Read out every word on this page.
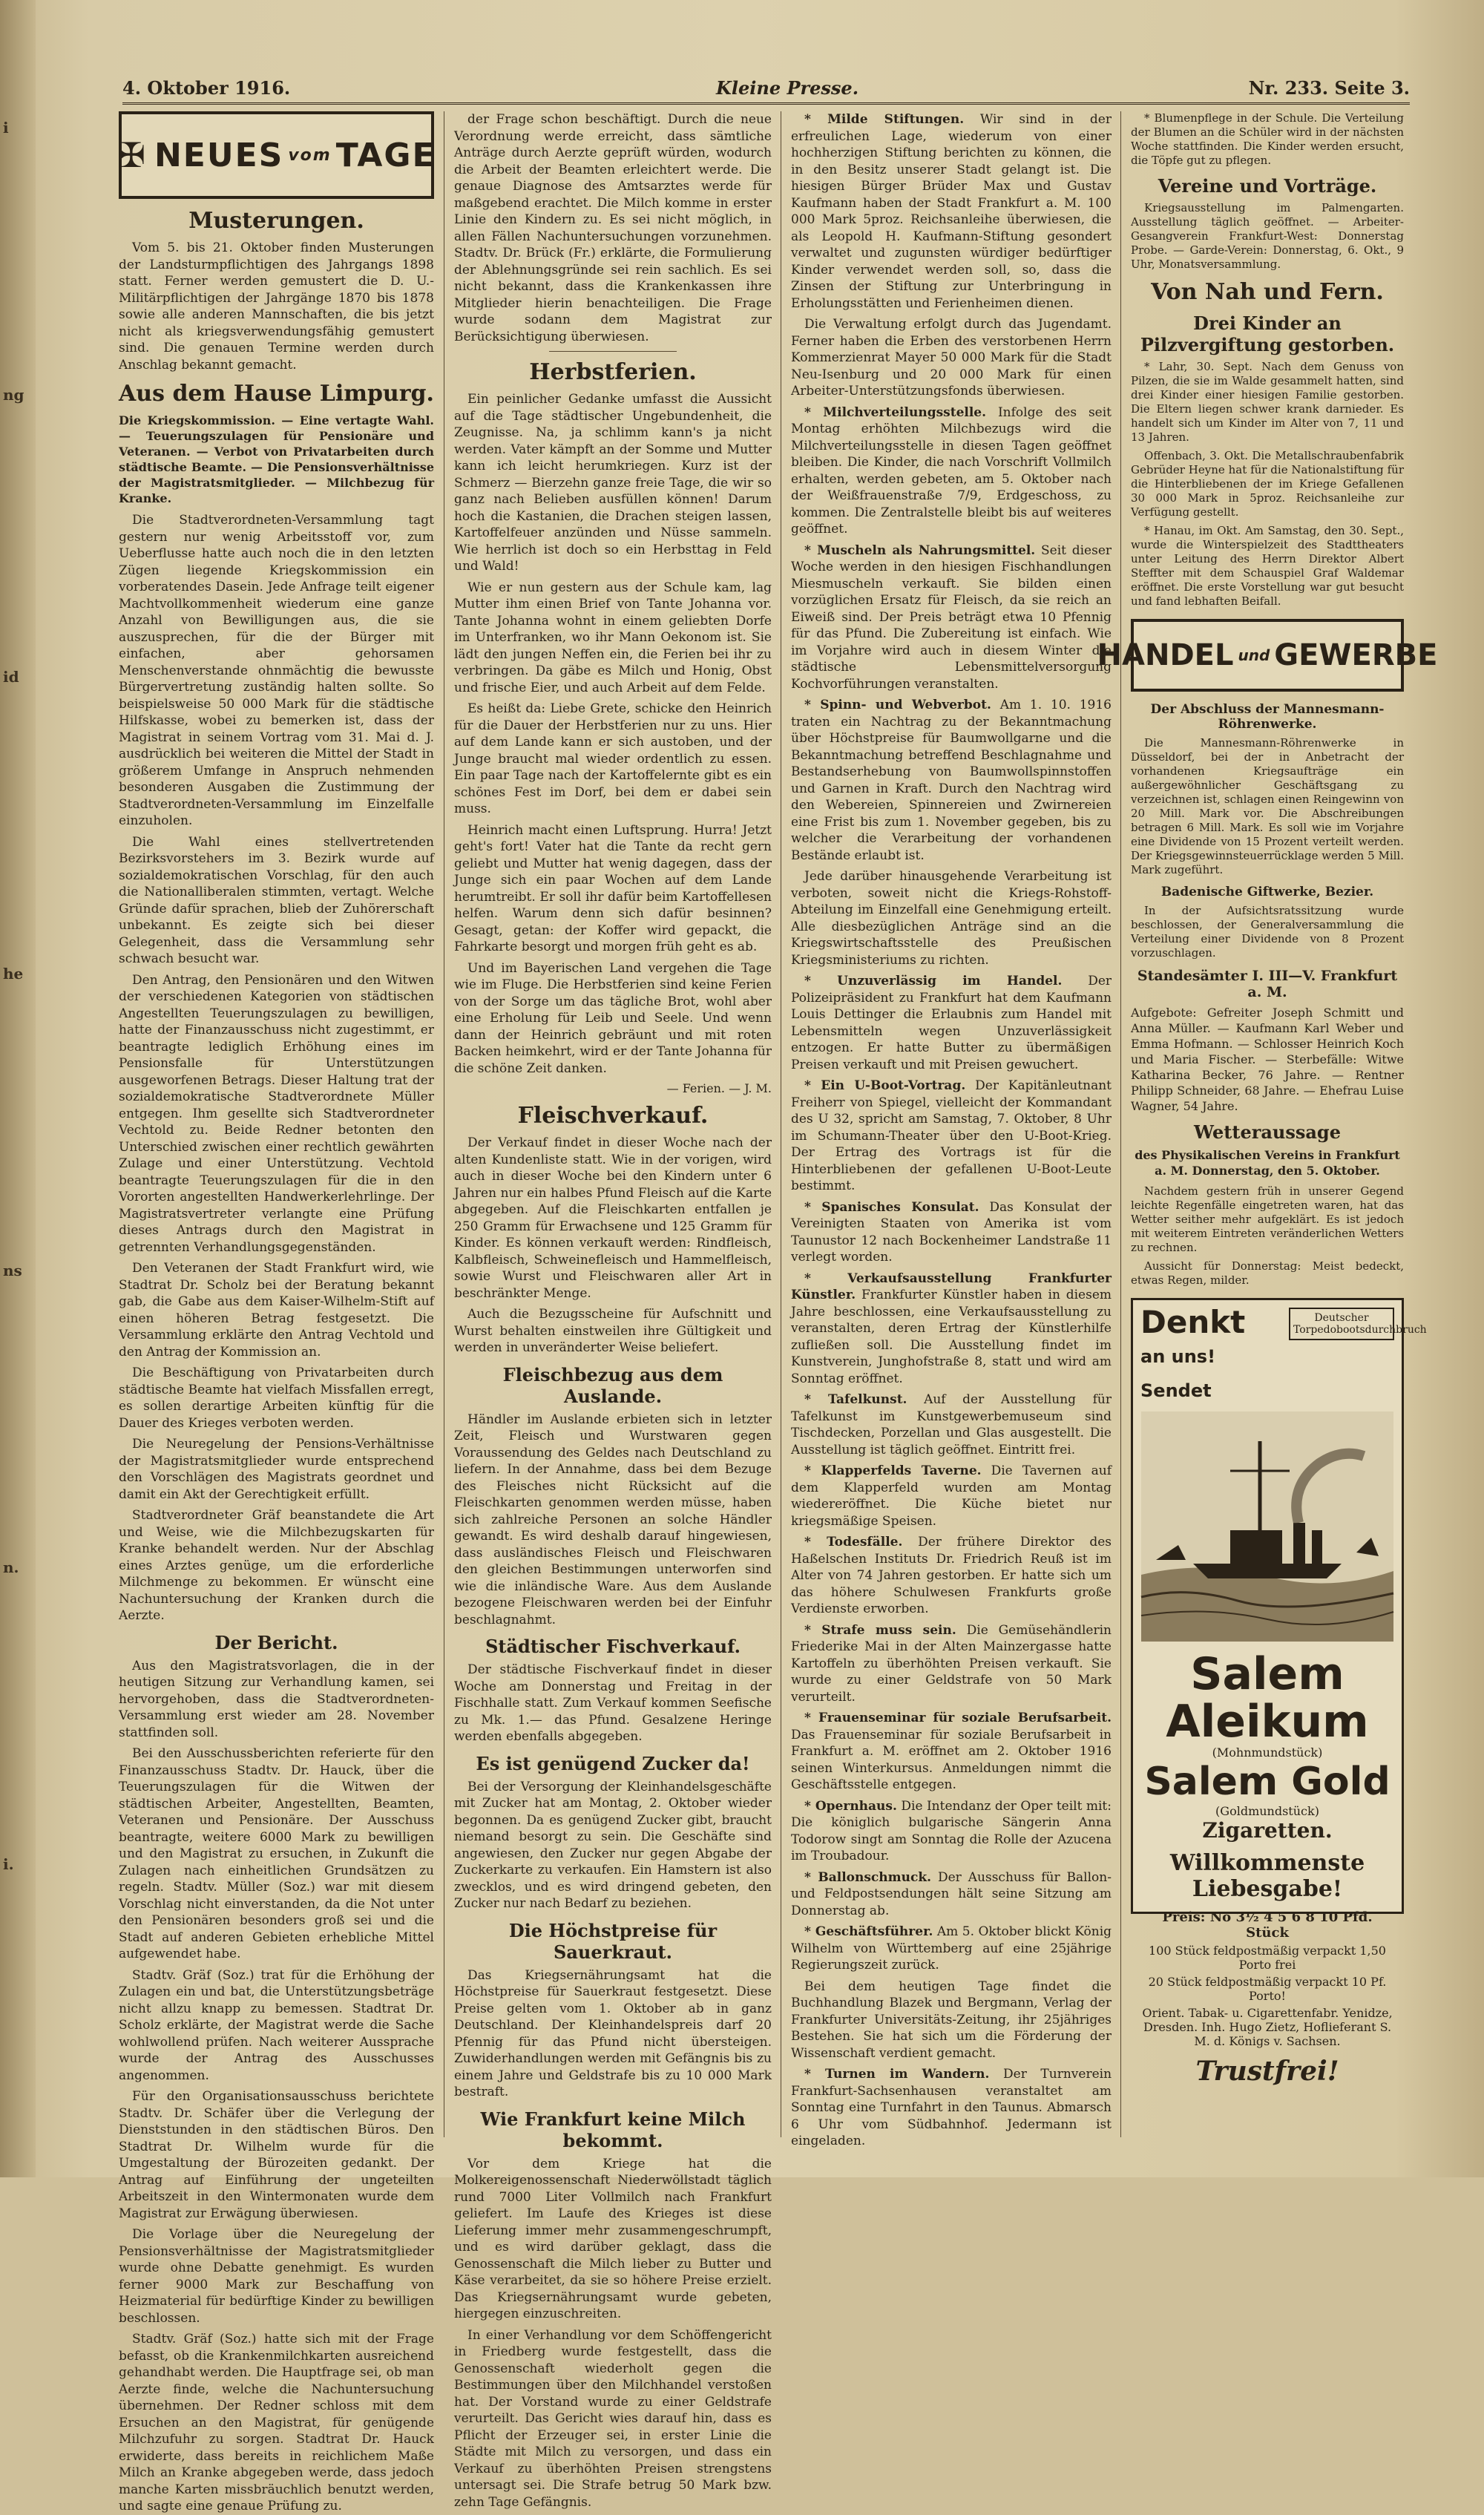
i
ng
id
he
ns
n.
i.
4. Oktober 1916.	Kleine Presse.	Nr. 233. Seite 3.
✠ NEUES vom TAGE
Musterungen.

Vom 5. bis 21. Oktober finden Musterungen der Landsturmpflichtigen des Jahrgangs 1898 statt. Ferner werden gemustert die D. U.-Militärpflichtigen der Jahrgänge 1870 bis 1878 sowie alle anderen Mannschaften, die bis jetzt nicht als kriegsverwendungsfähig gemustert sind. Die genauen Termine werden durch Anschlag bekannt gemacht.

Aus dem Hause Limpurg.
Die Kriegskommission. — Eine vertagte Wahl. — Teuerungszulagen für Pensionäre und Veteranen. — Verbot von Privatarbeiten durch städtische Beamte. — Die Pensionsverhältnisse der Magistratsmitglieder. — Milchbezug für Kranke.

Die Stadtverordneten-Versammlung tagt gestern nur wenig Arbeitsstoff vor, zum Ueberflusse hatte auch noch die in den letzten Zügen liegende Kriegskommission ein vorberatendes Dasein. Jede Anfrage teilt eigener Machtvollkommenheit wiederum eine ganze Anzahl von Bewilligungen aus, die sie auszusprechen, für die der Bürger mit einfachen, aber gehorsamen Menschenverstande ohnmächtig die bewusste Bürgervertretung zuständig halten sollte. So beispielsweise 50 000 Mark für die städtische Hilfskasse, wobei zu bemerken ist, dass der Magistrat in seinem Vortrag vom 31. Mai d. J. ausdrücklich bei weiteren die Mittel der Stadt in größerem Umfange in Anspruch nehmenden besonderen Ausgaben die Zustimmung der Stadtverordneten-Versammlung im Einzelfalle einzuholen.

Die Wahl eines stellvertretenden Bezirksvorstehers im 3. Bezirk wurde auf sozialdemokratischen Vorschlag, für den auch die Nationalliberalen stimmten, vertagt. Welche Gründe dafür sprachen, blieb der Zuhörerschaft unbekannt. Es zeigte sich bei dieser Gelegenheit, dass die Versammlung sehr schwach besucht war.

Den Antrag, den Pensionären und den Witwen der verschiedenen Kategorien von städtischen Angestellten Teuerungszulagen zu bewilligen, hatte der Finanzausschuss nicht zugestimmt, er beantragte lediglich Erhöhung eines im Pensionsfalle für Unterstützungen ausgeworfenen Betrags. Dieser Haltung trat der sozialdemokratische Stadtverordnete Müller entgegen. Ihm gesellte sich Stadtverordneter Vechtold zu. Beide Redner betonten den Unterschied zwischen einer rechtlich gewährten Zulage und einer Unterstützung. Vechtold beantragte Teuerungszulagen für die in den Vororten angestellten Handwerkerlehrlinge. Der Magistratsvertreter verlangte eine Prüfung dieses Antrags durch den Magistrat in getrennten Verhandlungsgegenständen.

Den Veteranen der Stadt Frankfurt wird, wie Stadtrat Dr. Scholz bei der Beratung bekannt gab, die Gabe aus dem Kaiser-Wilhelm-Stift auf einen höheren Betrag festgesetzt. Die Versammlung erklärte den Antrag Vechtold und den Antrag der Kommission an.

Die Beschäftigung von Privatarbeiten durch städtische Beamte hat vielfach Missfallen erregt, es sollen derartige Arbeiten künftig für die Dauer des Krieges verboten werden.

Die Neuregelung der Pensions-Verhältnisse der Magistratsmitglieder wurde entsprechend den Vorschlägen des Magistrats geordnet und damit ein Akt der Gerechtigkeit erfüllt.

Stadtverordneter Gräf beanstandete die Art und Weise, wie die Milchbezugskarten für Kranke behandelt werden. Nur der Abschlag eines Arztes genüge, um die erforderliche Milchmenge zu bekommen. Er wünscht eine Nachuntersuchung der Kranken durch die Aerzte.

Der Bericht.

Aus den Magistratsvorlagen, die in der heutigen Sitzung zur Verhandlung kamen, sei hervorgehoben, dass die Stadtverordneten-Versammlung erst wieder am 28. November stattfinden soll.

Bei den Ausschussberichten referierte für den Finanzausschuss Stadtv. Dr. Hauck, über die Teuerungszulagen für die Witwen der städtischen Arbeiter, Angestellten, Beamten, Veteranen und Pensionäre. Der Ausschuss beantragte, weitere 6000 Mark zu bewilligen und den Magistrat zu ersuchen, in Zukunft die Zulagen nach einheitlichen Grundsätzen zu regeln. Stadtv. Müller (Soz.) war mit diesem Vorschlag nicht einverstanden, da die Not unter den Pensionären besonders groß sei und die Stadt auf anderen Gebieten erhebliche Mittel aufgewendet habe.

Stadtv. Gräf (Soz.) trat für die Erhöhung der Zulagen ein und bat, die Unterstützungsbeträge nicht allzu knapp zu bemessen. Stadtrat Dr. Scholz erklärte, der Magistrat werde die Sache wohlwollend prüfen. Nach weiterer Aussprache wurde der Antrag des Ausschusses angenommen.

Für den Organisationsausschuss berichtete Stadtv. Dr. Schäfer über die Verlegung der Dienststunden in den städtischen Büros. Den Stadtrat Dr. Wilhelm wurde für die Umgestaltung der Bürozeiten gedankt. Der Antrag auf Einführung der ungeteilten Arbeitszeit in den Wintermonaten wurde dem Magistrat zur Erwägung überwiesen.

Die Vorlage über die Neuregelung der Pensionsverhältnisse der Magistratsmitglieder wurde ohne Debatte genehmigt. Es wurden ferner 9000 Mark zur Beschaffung von Heizmaterial für bedürftige Kinder zu bewilligen beschlossen.

Stadtv. Gräf (Soz.) hatte sich mit der Frage befasst, ob die Krankenmilchkarten ausreichend gehandhabt werden. Die Hauptfrage sei, ob man Aerzte finde, welche die Nachuntersuchung übernehmen. Der Redner schloss mit dem Ersuchen an den Magistrat, für genügende Milchzufuhr zu sorgen. Stadtrat Dr. Hauck erwiderte, dass bereits in reichlichem Maße Milch an Kranke abgegeben werde, dass jedoch manche Karten missbräuchlich benutzt werden, und sagte eine genaue Prüfung zu.

der Frage schon beschäftigt. Durch die neue Verordnung werde erreicht, dass sämtliche Anträge durch Aerzte geprüft würden, wodurch die Arbeit der Beamten erleichtert werde. Die genaue Diagnose des Amtsarztes werde für maßgebend erachtet. Die Milch komme in erster Linie den Kindern zu. Es sei nicht möglich, in allen Fällen Nachuntersuchungen vorzunehmen. Stadtv. Dr. Brück (Fr.) erklärte, die Formulierung der Ablehnungsgründe sei rein sachlich. Es sei nicht bekannt, dass die Krankenkassen ihre Mitglieder hierin benachteiligen. Die Frage wurde sodann dem Magistrat zur Berücksichtigung überwiesen.

Herbstferien.

Ein peinlicher Gedanke umfasst die Aussicht auf die Tage städtischer Ungebundenheit, die Zeugnisse. Na, ja schlimm kann's ja nicht werden. Vater kämpft an der Somme und Mutter kann ich leicht herumkriegen. Kurz ist der Schmerz — Bierzehn ganze freie Tage, die wir so ganz nach Belieben ausfüllen können! Darum hoch die Kastanien, die Drachen steigen lassen, Kartoffelfeuer anzünden und Nüsse sammeln. Wie herrlich ist doch so ein Herbsttag in Feld und Wald!

Wie er nun gestern aus der Schule kam, lag Mutter ihm einen Brief von Tante Johanna vor. Tante Johanna wohnt in einem geliebten Dorfe im Unterfranken, wo ihr Mann Oekonom ist. Sie lädt den jungen Neffen ein, die Ferien bei ihr zu verbringen. Da gäbe es Milch und Honig, Obst und frische Eier, und auch Arbeit auf dem Felde.

Es heißt da: Liebe Grete, schicke den Heinrich für die Dauer der Herbstferien nur zu uns. Hier auf dem Lande kann er sich austoben, und der Junge braucht mal wieder ordentlich zu essen. Ein paar Tage nach der Kartoffelernte gibt es ein schönes Fest im Dorf, bei dem er dabei sein muss.

Heinrich macht einen Luftsprung. Hurra! Jetzt geht's fort! Vater hat die Tante da recht gern geliebt und Mutter hat wenig dagegen, dass der Junge sich ein paar Wochen auf dem Lande herumtreibt. Er soll ihr dafür beim Kartoffellesen helfen. Warum denn sich dafür besinnen? Gesagt, getan: der Koffer wird gepackt, die Fahrkarte besorgt und morgen früh geht es ab.

Und im Bayerischen Land vergehen die Tage wie im Fluge. Die Herbstferien sind keine Ferien von der Sorge um das tägliche Brot, wohl aber eine Erholung für Leib und Seele. Und wenn dann der Heinrich gebräunt und mit roten Backen heimkehrt, wird er der Tante Johanna für die schöne Zeit danken.

— Ferien. — J. M.
Fleischverkauf.

Der Verkauf findet in dieser Woche nach der alten Kundenliste statt. Wie in der vorigen, wird auch in dieser Woche bei den Kindern unter 6 Jahren nur ein halbes Pfund Fleisch auf die Karte abgegeben. Auf die Fleischkarten entfallen je 250 Gramm für Erwachsene und 125 Gramm für Kinder. Es können verkauft werden: Rindfleisch, Kalbfleisch, Schweinefleisch und Hammelfleisch, sowie Wurst und Fleischwaren aller Art in beschränkter Menge.

Auch die Bezugsscheine für Aufschnitt und Wurst behalten einstweilen ihre Gültigkeit und werden in unveränderter Weise beliefert.

Fleischbezug aus dem Auslande.

Händler im Auslande erbieten sich in letzter Zeit, Fleisch und Wurstwaren gegen Voraussendung des Geldes nach Deutschland zu liefern. In der Annahme, dass bei dem Bezuge des Fleisches nicht Rücksicht auf die Fleischkarten genommen werden müsse, haben sich zahlreiche Personen an solche Händler gewandt. Es wird deshalb darauf hingewiesen, dass ausländisches Fleisch und Fleischwaren den gleichen Bestimmungen unterworfen sind wie die inländische Ware. Aus dem Auslande bezogene Fleischwaren werden bei der Einfuhr beschlagnahmt.

Städtischer Fischverkauf.

Der städtische Fischverkauf findet in dieser Woche am Donnerstag und Freitag in der Fischhalle statt. Zum Verkauf kommen Seefische zu Mk. 1.— das Pfund. Gesalzene Heringe werden ebenfalls abgegeben.

Es ist genügend Zucker da!

Bei der Versorgung der Kleinhandelsgeschäfte mit Zucker hat am Montag, 2. Oktober wieder begonnen. Da es genügend Zucker gibt, braucht niemand besorgt zu sein. Die Geschäfte sind angewiesen, den Zucker nur gegen Abgabe der Zuckerkarte zu verkaufen. Ein Hamstern ist also zwecklos, und es wird dringend gebeten, den Zucker nur nach Bedarf zu beziehen.

Die Höchstpreise für Sauerkraut.

Das Kriegsernährungsamt hat die Höchstpreise für Sauerkraut festgesetzt. Diese Preise gelten vom 1. Oktober ab in ganz Deutschland. Der Kleinhandelspreis darf 20 Pfennig für das Pfund nicht übersteigen. Zuwiderhandlungen werden mit Gefängnis bis zu einem Jahre und Geldstrafe bis zu 10 000 Mark bestraft.

Wie Frankfurt keine Milch bekommt.

Vor dem Kriege hat die Molkereigenossenschaft Niederwöllstadt täglich rund 7000 Liter Vollmilch nach Frankfurt geliefert. Im Laufe des Krieges ist diese Lieferung immer mehr zusammengeschrumpft, und es wird darüber geklagt, dass die Genossenschaft die Milch lieber zu Butter und Käse verarbeitet, da sie so höhere Preise erzielt. Das Kriegsernährungsamt wurde gebeten, hiergegen einzuschreiten.

In einer Verhandlung vor dem Schöffengericht in Friedberg wurde festgestellt, dass die Genossenschaft wiederholt gegen die Bestimmungen über den Milchhandel verstoßen hat. Der Vorstand wurde zu einer Geldstrafe verurteilt. Das Gericht wies darauf hin, dass es Pflicht der Erzeuger sei, in erster Linie die Städte mit Milch zu versorgen, und dass ein Verkauf zu überhöhten Preisen strengstens untersagt sei. Die Strafe betrug 50 Mark bzw. zehn Tage Gefängnis.

* Milde Stiftungen. Wir sind in der erfreulichen Lage, wiederum von einer hochherzigen Stiftung berichten zu können, die in den Besitz unserer Stadt gelangt ist. Die hiesigen Bürger Brüder Max und Gustav Kaufmann haben der Stadt Frankfurt a. M. 100 000 Mark 5proz. Reichsanleihe überwiesen, die als Leopold H. Kaufmann-Stiftung gesondert verwaltet und zugunsten würdiger bedürftiger Kinder verwendet werden soll, so, dass die Zinsen der Stiftung zur Unterbringung in Erholungsstätten und Ferienheimen dienen.

Die Verwaltung erfolgt durch das Jugendamt. Ferner haben die Erben des verstorbenen Herrn Kommerzienrat Mayer 50 000 Mark für die Stadt Neu-Isenburg und 20 000 Mark für einen Arbeiter-Unterstützungsfonds überwiesen.

* Milchverteilungsstelle. Infolge des seit Montag erhöhten Milchbezugs wird die Milchverteilungsstelle in diesen Tagen geöffnet bleiben. Die Kinder, die nach Vorschrift Vollmilch erhalten, werden gebeten, am 5. Oktober nach der Weißfrauenstraße 7/9, Erdgeschoss, zu kommen. Die Zentralstelle bleibt bis auf weiteres geöffnet.

* Muscheln als Nahrungsmittel. Seit dieser Woche werden in den hiesigen Fischhandlungen Miesmuscheln verkauft. Sie bilden einen vorzüglichen Ersatz für Fleisch, da sie reich an Eiweiß sind. Der Preis beträgt etwa 10 Pfennig für das Pfund. Die Zubereitung ist einfach. Wie im Vorjahre wird auch in diesem Winter die städtische Lebensmittelversorgung Kochvorführungen veranstalten.

* Spinn- und Webverbot. Am 1. 10. 1916 traten ein Nachtrag zu der Bekanntmachung über Höchstpreise für Baumwollgarne und die Bekanntmachung betreffend Beschlagnahme und Bestandserhebung von Baumwollspinnstoffen und Garnen in Kraft. Durch den Nachtrag wird den Webereien, Spinnereien und Zwirnereien eine Frist bis zum 1. November gegeben, bis zu welcher die Verarbeitung der vorhandenen Bestände erlaubt ist.

Jede darüber hinausgehende Verarbeitung ist verboten, soweit nicht die Kriegs-Rohstoff-Abteilung im Einzelfall eine Genehmigung erteilt. Alle diesbezüglichen Anträge sind an die Kriegswirtschaftsstelle des Preußischen Kriegsministeriums zu richten.

* Unzuverlässig im Handel. Der Polizeipräsident zu Frankfurt hat dem Kaufmann Louis Dettinger die Erlaubnis zum Handel mit Lebensmitteln wegen Unzuverlässigkeit entzogen. Er hatte Butter zu übermäßigen Preisen verkauft und mit Preisen gewuchert.

* Ein U-Boot-Vortrag. Der Kapitänleutnant Freiherr von Spiegel, vielleicht der Kommandant des U 32, spricht am Samstag, 7. Oktober, 8 Uhr im Schumann-Theater über den U-Boot-Krieg. Der Ertrag des Vortrags ist für die Hinterbliebenen der gefallenen U-Boot-Leute bestimmt.

* Spanisches Konsulat. Das Konsulat der Vereinigten Staaten von Amerika ist vom Taunustor 12 nach Bockenheimer Landstraße 11 verlegt worden.

* Verkaufsausstellung Frankfurter Künstler. Frankfurter Künstler haben in diesem Jahre beschlossen, eine Verkaufsausstellung zu veranstalten, deren Ertrag der Künstlerhilfe zufließen soll. Die Ausstellung findet im Kunstverein, Junghofstraße 8, statt und wird am Sonntag eröffnet.

* Tafelkunst. Auf der Ausstellung für Tafelkunst im Kunstgewerbemuseum sind Tischdecken, Porzellan und Glas ausgestellt. Die Ausstellung ist täglich geöffnet. Eintritt frei.

* Klapperfelds Taverne. Die Tavernen auf dem Klapperfeld wurden am Montag wiedereröffnet. Die Küche bietet nur kriegsmäßige Speisen.

* Todesfälle. Der frühere Direktor des Haßelschen Instituts Dr. Friedrich Reuß ist im Alter von 74 Jahren gestorben. Er hatte sich um das höhere Schulwesen Frankfurts große Verdienste erworben.

* Strafe muss sein. Die Gemüsehändlerin Friederike Mai in der Alten Mainzergasse hatte Kartoffeln zu überhöhten Preisen verkauft. Sie wurde zu einer Geldstrafe von 50 Mark verurteilt.

* Frauenseminar für soziale Berufsarbeit. Das Frauenseminar für soziale Berufsarbeit in Frankfurt a. M. eröffnet am 2. Oktober 1916 seinen Winterkursus. Anmeldungen nimmt die Geschäftsstelle entgegen.

* Opernhaus. Die Intendanz der Oper teilt mit: Die königlich bulgarische Sängerin Anna Todorow singt am Sonntag die Rolle der Azucena im Troubadour.

* Ballonschmuck. Der Ausschuss für Ballon- und Feldpostsendungen hält seine Sitzung am Donnerstag ab.

* Geschäftsführer. Am 5. Oktober blickt König Wilhelm von Württemberg auf eine 25jährige Regierungszeit zurück.

Bei dem heutigen Tage findet die Buchhandlung Blazek und Bergmann, Verlag der Frankfurter Universitäts-Zeitung, ihr 25jähriges Bestehen. Sie hat sich um die Förderung der Wissenschaft verdient gemacht.

* Turnen im Wandern. Der Turnverein Frankfurt-Sachsenhausen veranstaltet am Sonntag eine Turnfahrt in den Taunus. Abmarsch 6 Uhr vom Südbahnhof. Jedermann ist eingeladen.

* Blumenpflege in der Schule. Die Verteilung der Blumen an die Schüler wird in der nächsten Woche stattfinden. Die Kinder werden ersucht, die Töpfe gut zu pflegen.

Vereine und Vorträge.

Kriegsausstellung im Palmengarten. Ausstellung täglich geöffnet. — Arbeiter-Gesangverein Frankfurt-West: Donnerstag Probe. — Garde-Verein: Donnerstag, 6. Okt., 9 Uhr, Monatsversammlung.

Von Nah und Fern.
Drei Kinder an Pilzvergiftung gestorben.

* Lahr, 30. Sept. Nach dem Genuss von Pilzen, die sie im Walde gesammelt hatten, sind drei Kinder einer hiesigen Familie gestorben. Die Eltern liegen schwer krank darnieder. Es handelt sich um Kinder im Alter von 7, 11 und 13 Jahren.

Offenbach, 3. Okt. Die Metallschraubenfabrik Gebrüder Heyne hat für die Nationalstiftung für die Hinterbliebenen der im Kriege Gefallenen 30 000 Mark in 5proz. Reichsanleihe zur Verfügung gestellt.

* Hanau, im Okt. Am Samstag, den 30. Sept., wurde die Winterspielzeit des Stadttheaters unter Leitung des Herrn Direktor Albert Steffter mit dem Schauspiel Graf Waldemar eröffnet. Die erste Vorstellung war gut besucht und fand lebhaften Beifall.

HANDEL und GEWERBE
Der Abschluss der Mannesmann-Röhrenwerke.

Die Mannesmann-Röhrenwerke in Düsseldorf, bei der in Anbetracht der vorhandenen Kriegsaufträge ein außergewöhnlicher Geschäftsgang zu verzeichnen ist, schlagen einen Reingewinn von 20 Mill. Mark vor. Die Abschreibungen betragen 6 Mill. Mark. Es soll wie im Vorjahre eine Dividende von 15 Prozent verteilt werden. Der Kriegsgewinnsteuerrücklage werden 5 Mill. Mark zugeführt.

Badenische Giftwerke, Bezier.

In der Aufsichtsratssitzung wurde beschlossen, der Generalversammlung die Verteilung einer Dividende von 8 Prozent vorzuschlagen.

Standesämter I. III—V. Frankfurt a. M.
Aufgebote: Gefreiter Joseph Schmitt und Anna Müller. — Kaufmann Karl Weber und Emma Hofmann. — Schlosser Heinrich Koch und Maria Fischer. — Sterbefälle: Witwe Katharina Becker, 76 Jahre. — Rentner Philipp Schneider, 68 Jahre. — Ehefrau Luise Wagner, 54 Jahre.
Wetteraussage
des Physikalischen Vereins in Frankfurt a. M. Donnerstag, den 5. Oktober.

Nachdem gestern früh in unserer Gegend leichte Regenfälle eingetreten waren, hat das Wetter seither mehr aufgeklärt. Es ist jedoch mit weiterem Eintreten veränderlichen Wetters zu rechnen.

Aussicht für Donnerstag: Meist bedeckt, etwas Regen, milder.

Denkt
an uns! Sendet
Deutscher Torpedobootsdurchbruch
Salem Aleikum
(Mohnmundstück)
Salem Gold
(Goldmundstück)
Zigaretten.
Willkommenste Liebesgabe!
Preis: No 3½ 4 5 6 8 10 Pfd. Stück
100 Stück feldpostmäßig verpackt 1,50 Porto frei
20 Stück feldpostmäßig verpackt 10 Pf. Porto!
Orient. Tabak- u. Cigarettenfabr. Yenidze, Dresden. Inh. Hugo Zietz, Hoflieferant S. M. d. Königs v. Sachsen.
Trustfrei!
